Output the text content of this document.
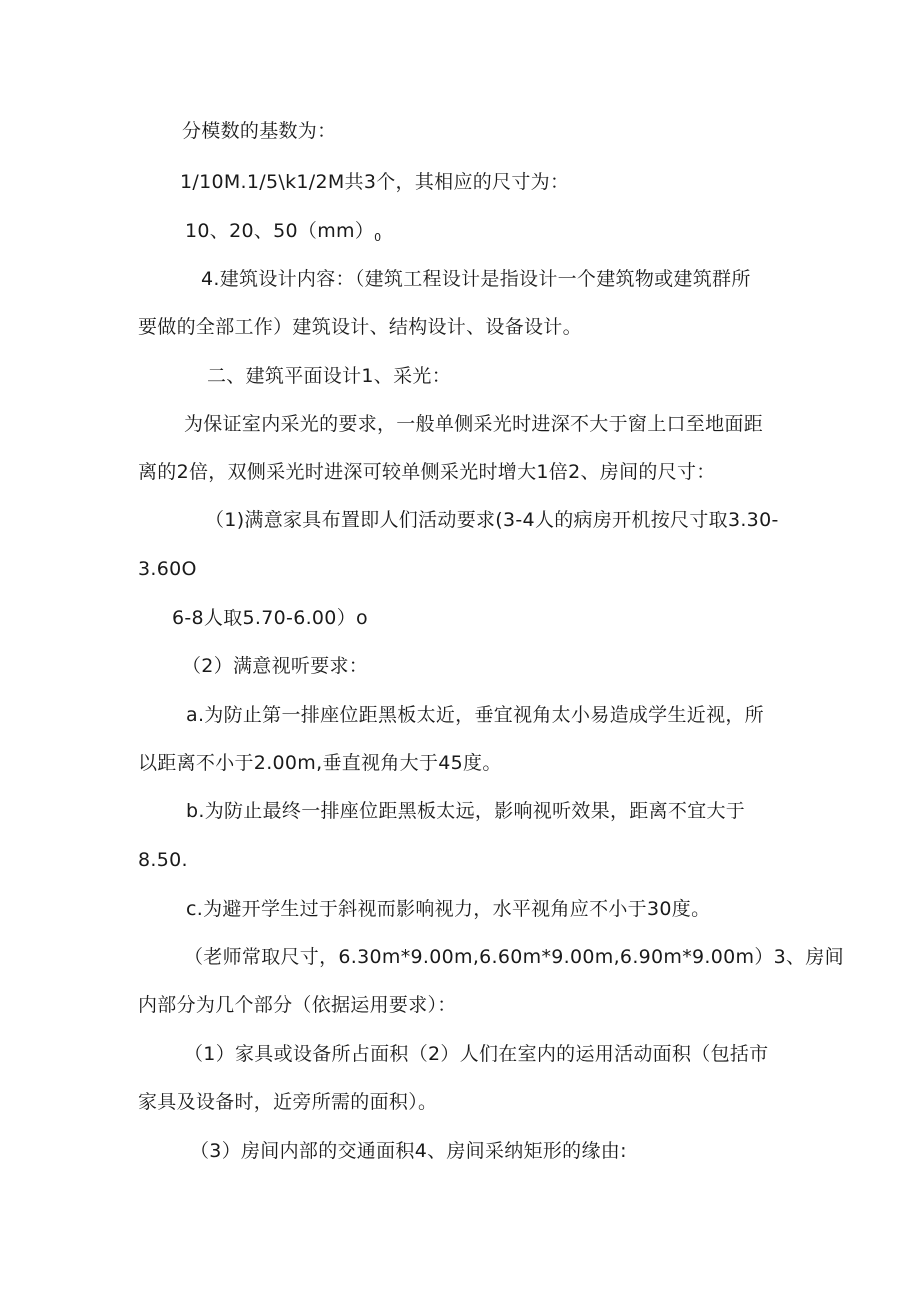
分模数的基数为：
1/10M.1/5\k1/2M共3个，其相应的尺寸为：
10、20、$50(mm)_0$
4.建筑设计内容：（建筑工程设计是指设计一个建筑物或建筑群所
要做的全部工作）建筑设计、结构设计、设备设计。
二、建筑平面设计1、采光：
为保证室内采光的要求，一般单侧采光时进深不大于窗上口至地面距
离的2倍，双侧采光时进深可较单侧采光时增大1倍2、房间的尺寸：
（1)满意家具布置即人们活动要求(3-4人的病房开机按尺寸取3.30-
3.60O
6-8人取5.70-6.00）o
（2）满意视听要求：
a.为防止第一排座位距黑板太近，垂宜视角太小易造成学生近视，所
以距离不小于2.00m,垂直视角大于45度。
b.为防止最终一排座位距黑板太远，影响视听效果，距离不宜大于
8.50.
c.为避开学生过于斜视而影响视力，水平视角应不小于30度。
（老师常取尺寸，6.30m*9.00m,6.60m*9.00m,6.90m*9.00m）3、房间
内部分为几个部分（依据运用要求）：
（1）家具或设备所占面积（2）人们在室内的运用活动面积（包括市
家具及设备时，近旁所需的面积）。
（3）房间内部的交通面积4、房间采纳矩形的缘由:
